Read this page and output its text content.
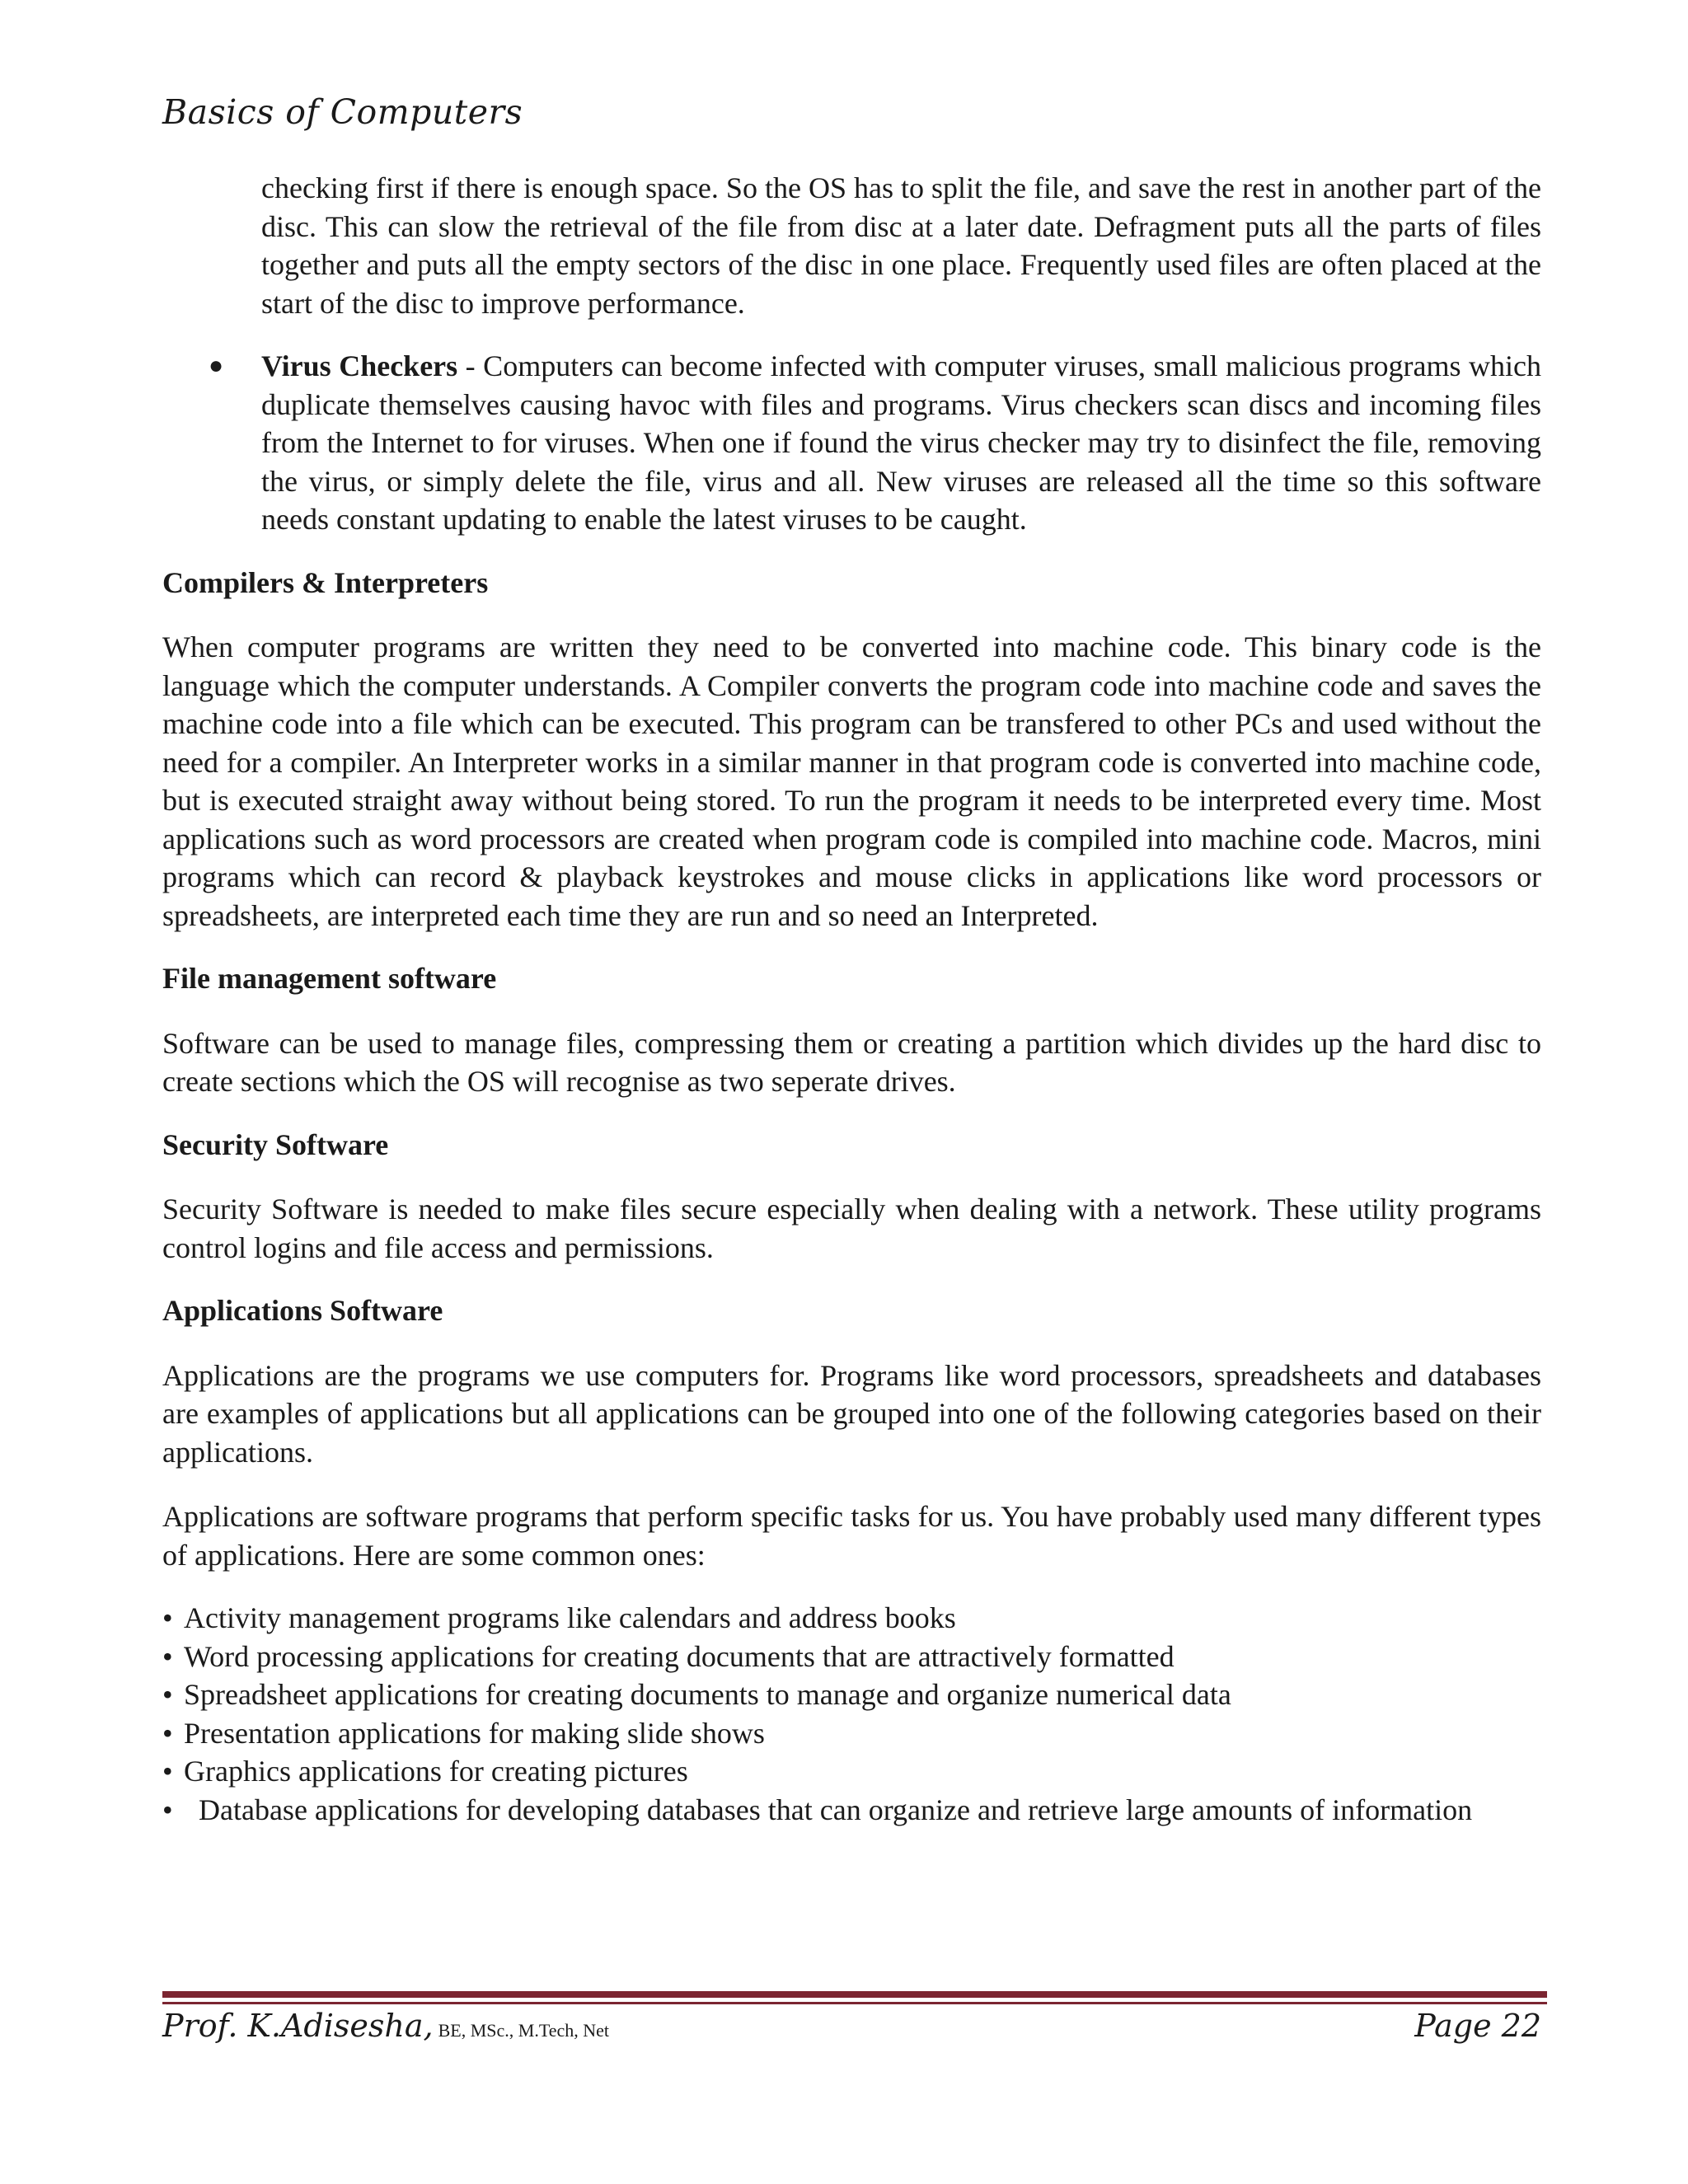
Basics of Computers

checking first if there is enough space. So the OS has to split the file, and save the rest in another part of the disc. This can slow the retrieval of the file from disc at a later date. Defragment puts all the parts of files together and puts all the empty sectors of the disc in one place. Frequently used files are often placed at the start of the disc to improve performance.

● Virus Checkers - Computers can become infected with computer viruses, small malicious programs which duplicate themselves causing havoc with files and programs. Virus checkers scan discs and incoming files from the Internet to for viruses. When one if found the virus checker may try to disinfect the file, removing the virus, or simply delete the file, virus and all. New viruses are released all the time so this software needs constant updating to enable the latest viruses to be caught.
Compilers & Interpreters

When computer programs are written they need to be converted into machine code. This binary code is the language which the computer understands. A Compiler converts the program code into machine code and saves the machine code into a file which can be executed. This program can be transfered to other PCs and used without the need for a compiler. An Interpreter works in a similar manner in that program code is converted into machine code, but is executed straight away without being stored. To run the program it needs to be interpreted every time. Most applications such as word processors are created when program code is compiled into machine code. Macros, mini programs which can record & playback keystrokes and mouse clicks in applications like word processors or spreadsheets, are interpreted each time they are run and so need an Interpreted.

File management software

Software can be used to manage files, compressing them or creating a partition which divides up the hard disc to create sections which the OS will recognise as two seperate drives.

Security Software

Security Software is needed to make files secure especially when dealing with a network. These utility programs control logins and file access and permissions.

Applications Software

Applications are the programs we use computers for. Programs like word processors, spreadsheets and databases are examples of applications but all applications can be grouped into one of the following categories based on their applications.

Applications are software programs that perform specific tasks for us. You have probably used many different types of applications. Here are some common ones:

• Activity management programs like calendars and address books
• Word processing applications for creating documents that are attractively formatted
• Spreadsheet applications for creating documents to manage and organize numerical data
• Presentation applications for making slide shows
• Graphics applications for creating pictures
• Database applications for developing databases that can organize and retrieve large amounts of information
Prof. K.Adisesha, BE, MSc., M.Tech, Net	Page 22
